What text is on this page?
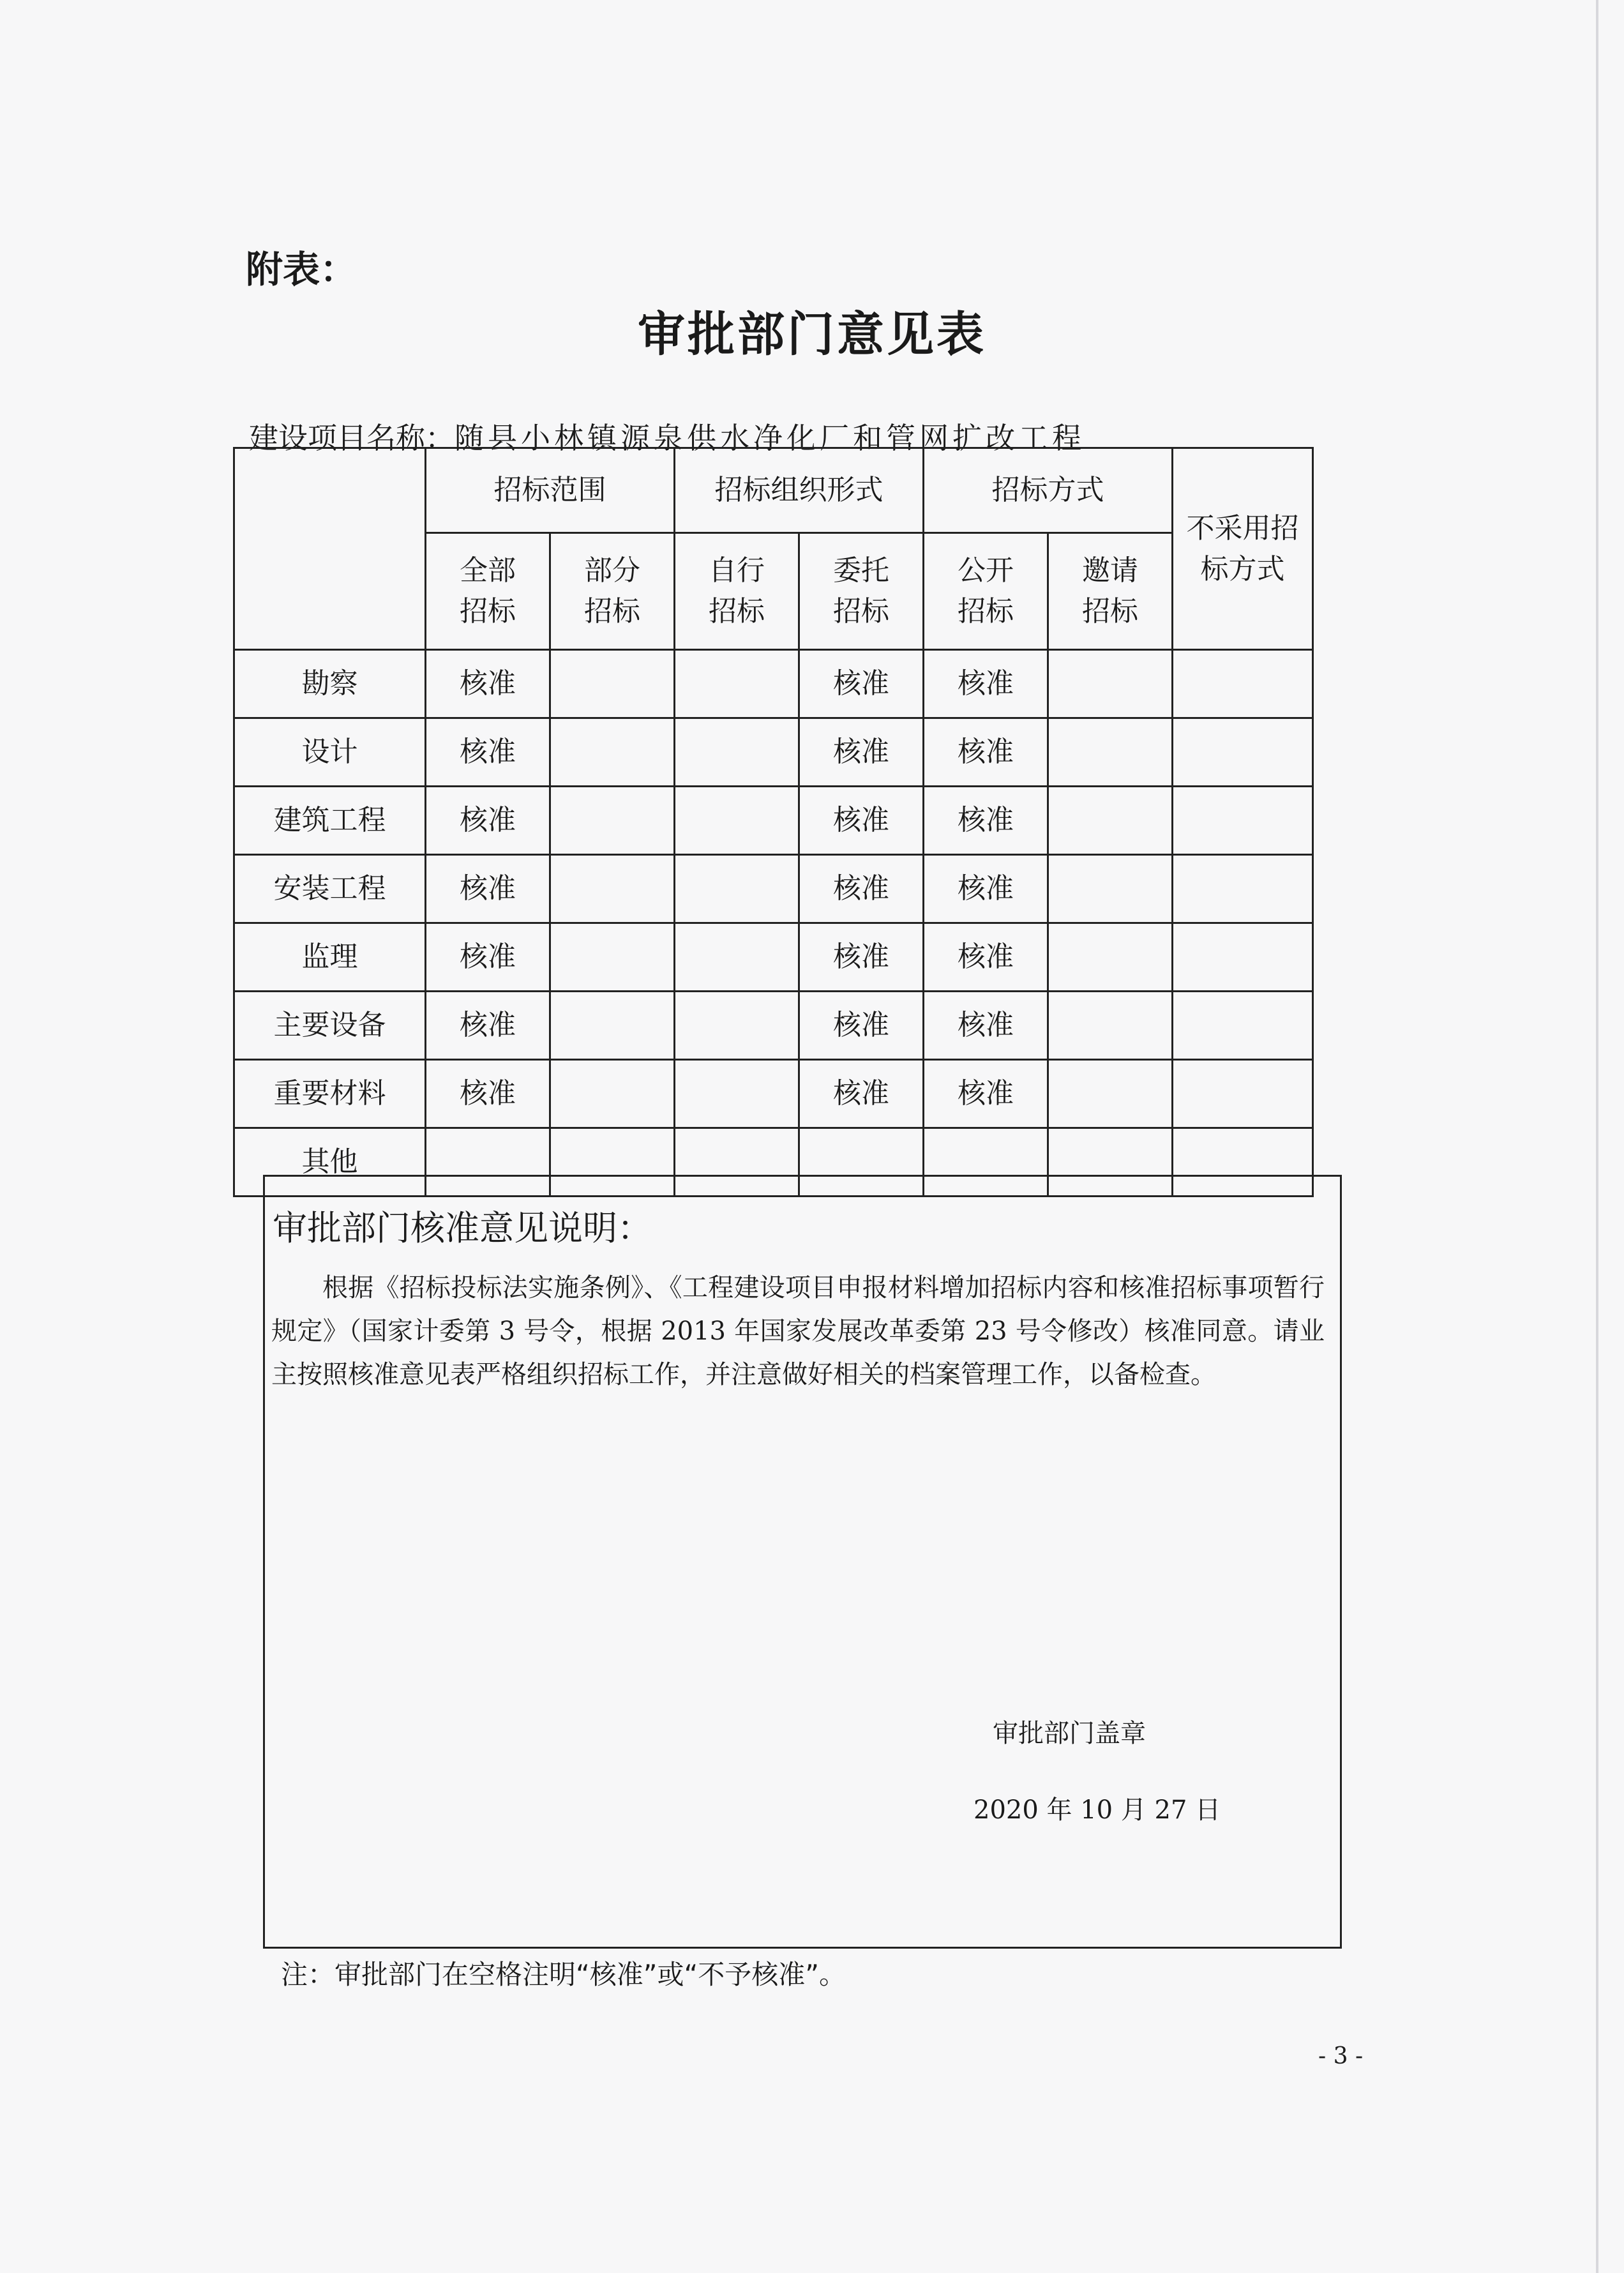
附表：
审批部门意见表
建设项目名称：随县小林镇源泉供水净化厂和管网扩改工程
	招标范围		招标组织形式		招标方式		不采用招标方式
	全部招标	部分招标	自行招标	委托招标	公开招标	邀请招标	
勘察	核准			核准	核准		
设计	核准			核准	核准		
建筑工程	核准			核准	核准		
安装工程	核准			核准	核准		
监理	核准			核准	核准		
主要设备	核准			核准	核准		
重要材料	核准			核准	核准		
其他							
审批部门核准意见说明：
根据《招标投标法实施条例》、《工程建设项目申报材料增加招标内容和核准招标事项暂行规定》（国家计委第 3 号令，根据 2013 年国家发展改革委第 23 号令修改）核准同意。请业主按照核准意见表严格组织招标工作，并注意做好相关的档案管理工作，以备检查。
审批部门盖章
2020 年 10 月 27 日
注：审批部门在空格注明“核准”或“不予核准”。
- 3 -
